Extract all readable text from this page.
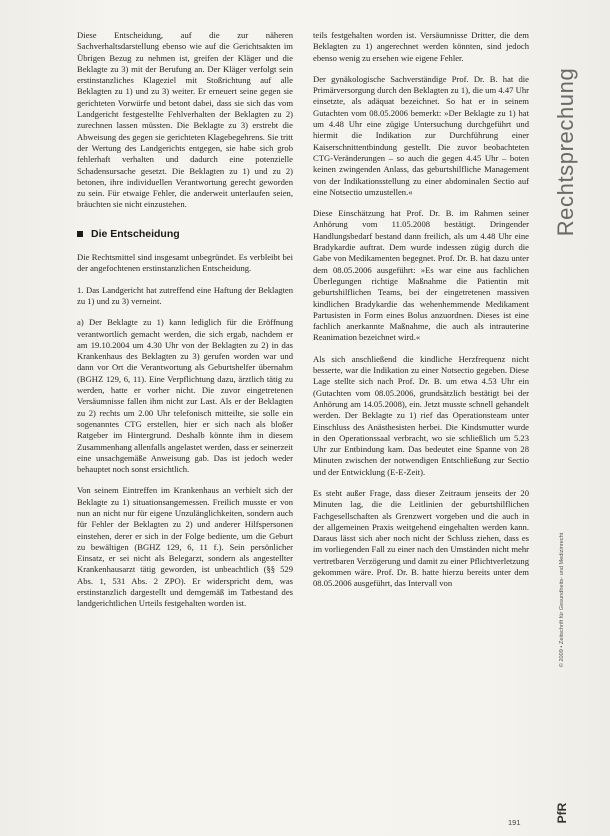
Diese Entscheidung, auf die zur näheren Sachverhaltsdarstellung ebenso wie auf die Gerichtsakten im Übrigen Bezug zu nehmen ist, greifen der Kläger und die Beklagte zu 3) mit der Berufung an. Der Kläger verfolgt sein erstinstanzliches Klageziel mit Stoßrichtung auf alle Beklagten zu 1) und zu 3) weiter. Er erneuert seine gegen sie gerichteten Vorwürfe und betont dabei, dass sie sich das vom Landgericht festgestellte Fehlverhalten der Beklagten zu 2) zurechnen lassen müssten. Die Beklagte zu 3) erstrebt die Abweisung des gegen sie gerichteten Klagebegehrens. Sie tritt der Wertung des Landgerichts entgegen, sie habe sich grob fehlerhaft verhalten und dadurch eine potenzielle Schadensursache gesetzt. Die Beklagten zu 1) und zu 2) betonen, ihre individuellen Verantwortung gerecht geworden zu sein. Für etwaige Fehler, die anderweit unterlaufen seien, bräuchten sie nicht einzustehen.

Die Entscheidung

Die Rechtsmittel sind insgesamt unbegründet. Es verbleibt bei der angefochtenen erstinstanzlichen Entscheidung.

1. Das Landgericht hat zutreffend eine Haftung der Beklagten zu 1) und zu 3) verneint.

a) Der Beklagte zu 1) kann lediglich für die Eröffnung verantwortlich gemacht werden, die sich ergab, nachdem er am 19.10.2004 um 4.30 Uhr von der Beklagten zu 2) in das Krankenhaus des Beklagten zu 3) gerufen worden war und dann vor Ort die Verantwortung als Geburtshelfer übernahm (BGHZ 129, 6, 11). Eine Verpflichtung dazu, ärztlich tätig zu werden, hatte er vorher nicht. Die zuvor eingetretenen Versäumnisse fallen ihm nicht zur Last. Als er der Beklagten zu 2) rechts um 2.00 Uhr telefonisch mitteilte, sie solle ein sogenanntes CTG erstellen, hier er sich nach als bloßer Ratgeber im Hintergrund. Deshalb könnte ihm in diesem Zusammenhang allenfalls angelastet werden, dass er seinerzeit eine unsachgemäße Anweisung gab. Das ist jedoch weder behauptet noch sonst ersichtlich.

Von seinem Eintreffen im Krankenhaus an verhielt sich der Beklagte zu 1) situationsangemessen. Freilich musste er von nun an nicht nur für eigene Unzulänglichkeiten, sondern auch für Fehler der Beklagten zu 2) und anderer Hilfspersonen einstehen, derer er sich in der Folge bediente, um die Geburt zu bewältigen (BGHZ 129, 6, 11 f.). Sein persönlicher Einsatz, er sei nicht als Belegarzt, sondern als angestellter Krankenhausarzt tätig geworden, ist unbeachtlich (§§ 529 Abs. 1, 531 Abs. 2 ZPO). Er widerspricht dem, was erstinstanzlich dargestellt und demgemäß im Tatbestand des landgerichtlichen Urteils festgehalten worden ist.

teils festgehalten worden ist. Versäumnisse Dritter, die dem Beklagten zu 1) angerechnet werden könnten, sind jedoch ebenso wenig zu ersehen wie eigene Fehler.

Der gynäkologische Sachverständige Prof. Dr. B. hat die Primärversorgung durch den Beklagten zu 1), die um 4.47 Uhr einsetzte, als adäquat bezeichnet. So hat er in seinem Gutachten vom 08.05.2006 bemerkt: »Der Beklagte zu 1) hat um 4.48 Uhr eine zügige Untersuchung durchgeführt und hiermit die Indikation zur Durchführung einer Kaiserschnittentbindung gestellt. Die zuvor beobachteten CTG-Veränderungen – so auch die gegen 4.45 Uhr – boten keinen zwingenden Anlass, das geburtshilfliche Management von der Indikationsstellung zu einer abdominalen Sectio auf eine Notsectio umzustellen.«

Diese Einschätzung hat Prof. Dr. B. im Rahmen seiner Anhörung vom 11.05.2008 bestätigt. Dringender Handlungsbedarf bestand dann freilich, als um 4.48 Uhr eine Bradykardie auftrat. Dem wurde indessen zügig durch die Gabe von Medikamenten begegnet. Prof. Dr. B. hat dazu unter dem 08.05.2006 ausgeführt: »Es war eine aus fachlichen Überlegungen richtige Maßnahme die Patientin mit geburtshilflichen Teams, bei der eingetretenen massiven kindlichen Bradykardie das wehenhemmende Medikament Partusisten in Form eines Bolus anzuordnen. Dieses ist eine fachlich anerkannte Maßnahme, die auch als intrauterine Reanimation bezeichnet wird.«

Als sich anschließend die kindliche Herzfrequenz nicht besserte, war die Indikation zu einer Notsectio gegeben. Diese Lage stellte sich nach Prof. Dr. B. um etwa 4.53 Uhr ein (Gutachten vom 08.05.2006, grundsätzlich bestätigt bei der Anhörung am 14.05.2008), ein. Jetzt musste schnell gehandelt werden. Der Beklagte zu 1) rief das Operationsteam unter Einschluss des Anästhesisten herbei. Die Kindsmutter wurde in den Operationssaal verbracht, wo sie schließlich um 5.23 Uhr zur Entbindung kam. Das bedeutet eine Spanne von 28 Minuten zwischen der notwendigen Entschließung zur Sectio und der Entwicklung (E-E-Zeit).

Es steht außer Frage, dass dieser Zeitraum jenseits der 20 Minuten lag, die die Leitlinien der geburtshilflichen Fachgesellschaften als Grenzwert vorgeben und die auch in der allgemeinen Praxis weitgehend eingehalten werden kann. Daraus lässt sich aber noch nicht der Schluss ziehen, dass es im vorliegenden Fall zu einer nach den Umständen nicht mehr vertretbaren Verzögerung und damit zu einer Pflichtverletzung gekommen wäre. Prof. Dr. B. hatte hierzu bereits unter dem 08.05.2006 ausgeführt, das Intervall von

Rechtsprechung
© 2009 • Zeitschrift für Gesundheits- und Medizinrecht
PfR
191
